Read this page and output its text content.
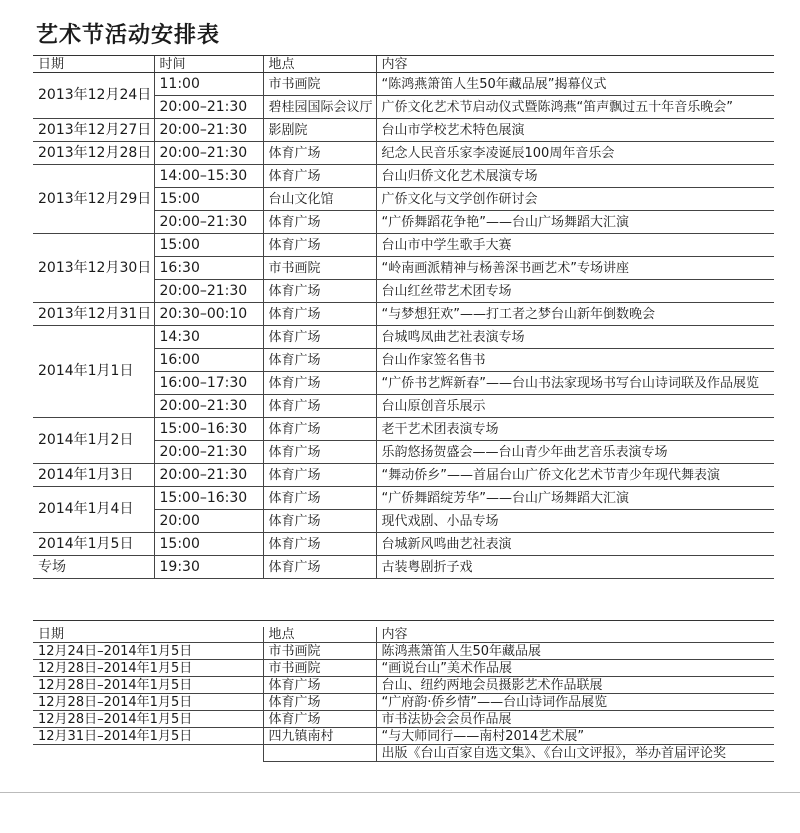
艺术节活动安排表
日期	时间	地点	内容
2013年12月24日	11:00	市书画院	“陈鸿燕箫笛人生50年藏品展”揭幕仪式
	20:00–21:30	碧桂园国际会议厅	广侨文化艺术节启动仪式暨陈鸿燕“笛声飘过五十年音乐晚会”
2013年12月27日	20:00–21:30	影剧院	台山市学校艺术特色展演
2013年12月28日	20:00–21:30	体育广场	纪念人民音乐家李凌诞辰100周年音乐会
2013年12月29日	14:00–15:30	体育广场	台山归侨文化艺术展演专场
	15:00	台山文化馆	广侨文化与文学创作研讨会
	20:00–21:30	体育广场	“广侨舞蹈花争艳”——台山广场舞蹈大汇演
2013年12月30日	15:00	体育广场	台山市中学生歌手大赛
	16:30	市书画院	“岭南画派精神与杨善深书画艺术”专场讲座
	20:00–21:30	体育广场	台山红丝带艺术团专场
2013年12月31日	20:30–00:10	体育广场	“与梦想狂欢”——打工者之梦台山新年倒数晚会
2014年1月1日	14:30	体育广场	台城鸣凤曲艺社表演专场
	16:00	体育广场	台山作家签名售书
	16:00–17:30	体育广场	“广侨书艺辉新春”——台山书法家现场书写台山诗词联及作品展览
	20:00–21:30	体育广场	台山原创音乐展示
2014年1月2日	15:00–16:30	体育广场	老干艺术团表演专场
	20:00–21:30	体育广场	乐韵悠扬贺盛会——台山青少年曲艺音乐表演专场
2014年1月3日	20:00–21:30	体育广场	“舞动侨乡”——首届台山广侨文化艺术节青少年现代舞表演
2014年1月4日	15:00–16:30	体育广场	“广侨舞蹈绽芳华”——台山广场舞蹈大汇演
	20:00	体育广场	现代戏剧、小品专场
2014年1月5日	15:00	体育广场	台城新风鸣曲艺社表演
专场	19:30	体育广场	古装粤剧折子戏
日期	地点	内容
12月24日–2014年1月5日	市书画院	陈鸿燕箫笛人生50年藏品展
12月28日–2014年1月5日	市书画院	“画说台山”美术作品展
12月28日–2014年1月5日	体育广场	台山、纽约两地会员摄影艺术作品联展
12月28日–2014年1月5日	体育广场	“广府韵·侨乡情”——台山诗词作品展览
12月28日–2014年1月5日	体育广场	市书法协会会员作品展
12月31日–2014年1月5日	四九镇南村	“与大师同行——南村2014艺术展”
		出版《台山百家自选文集》、《台山文评报》，举办首届评论奖
